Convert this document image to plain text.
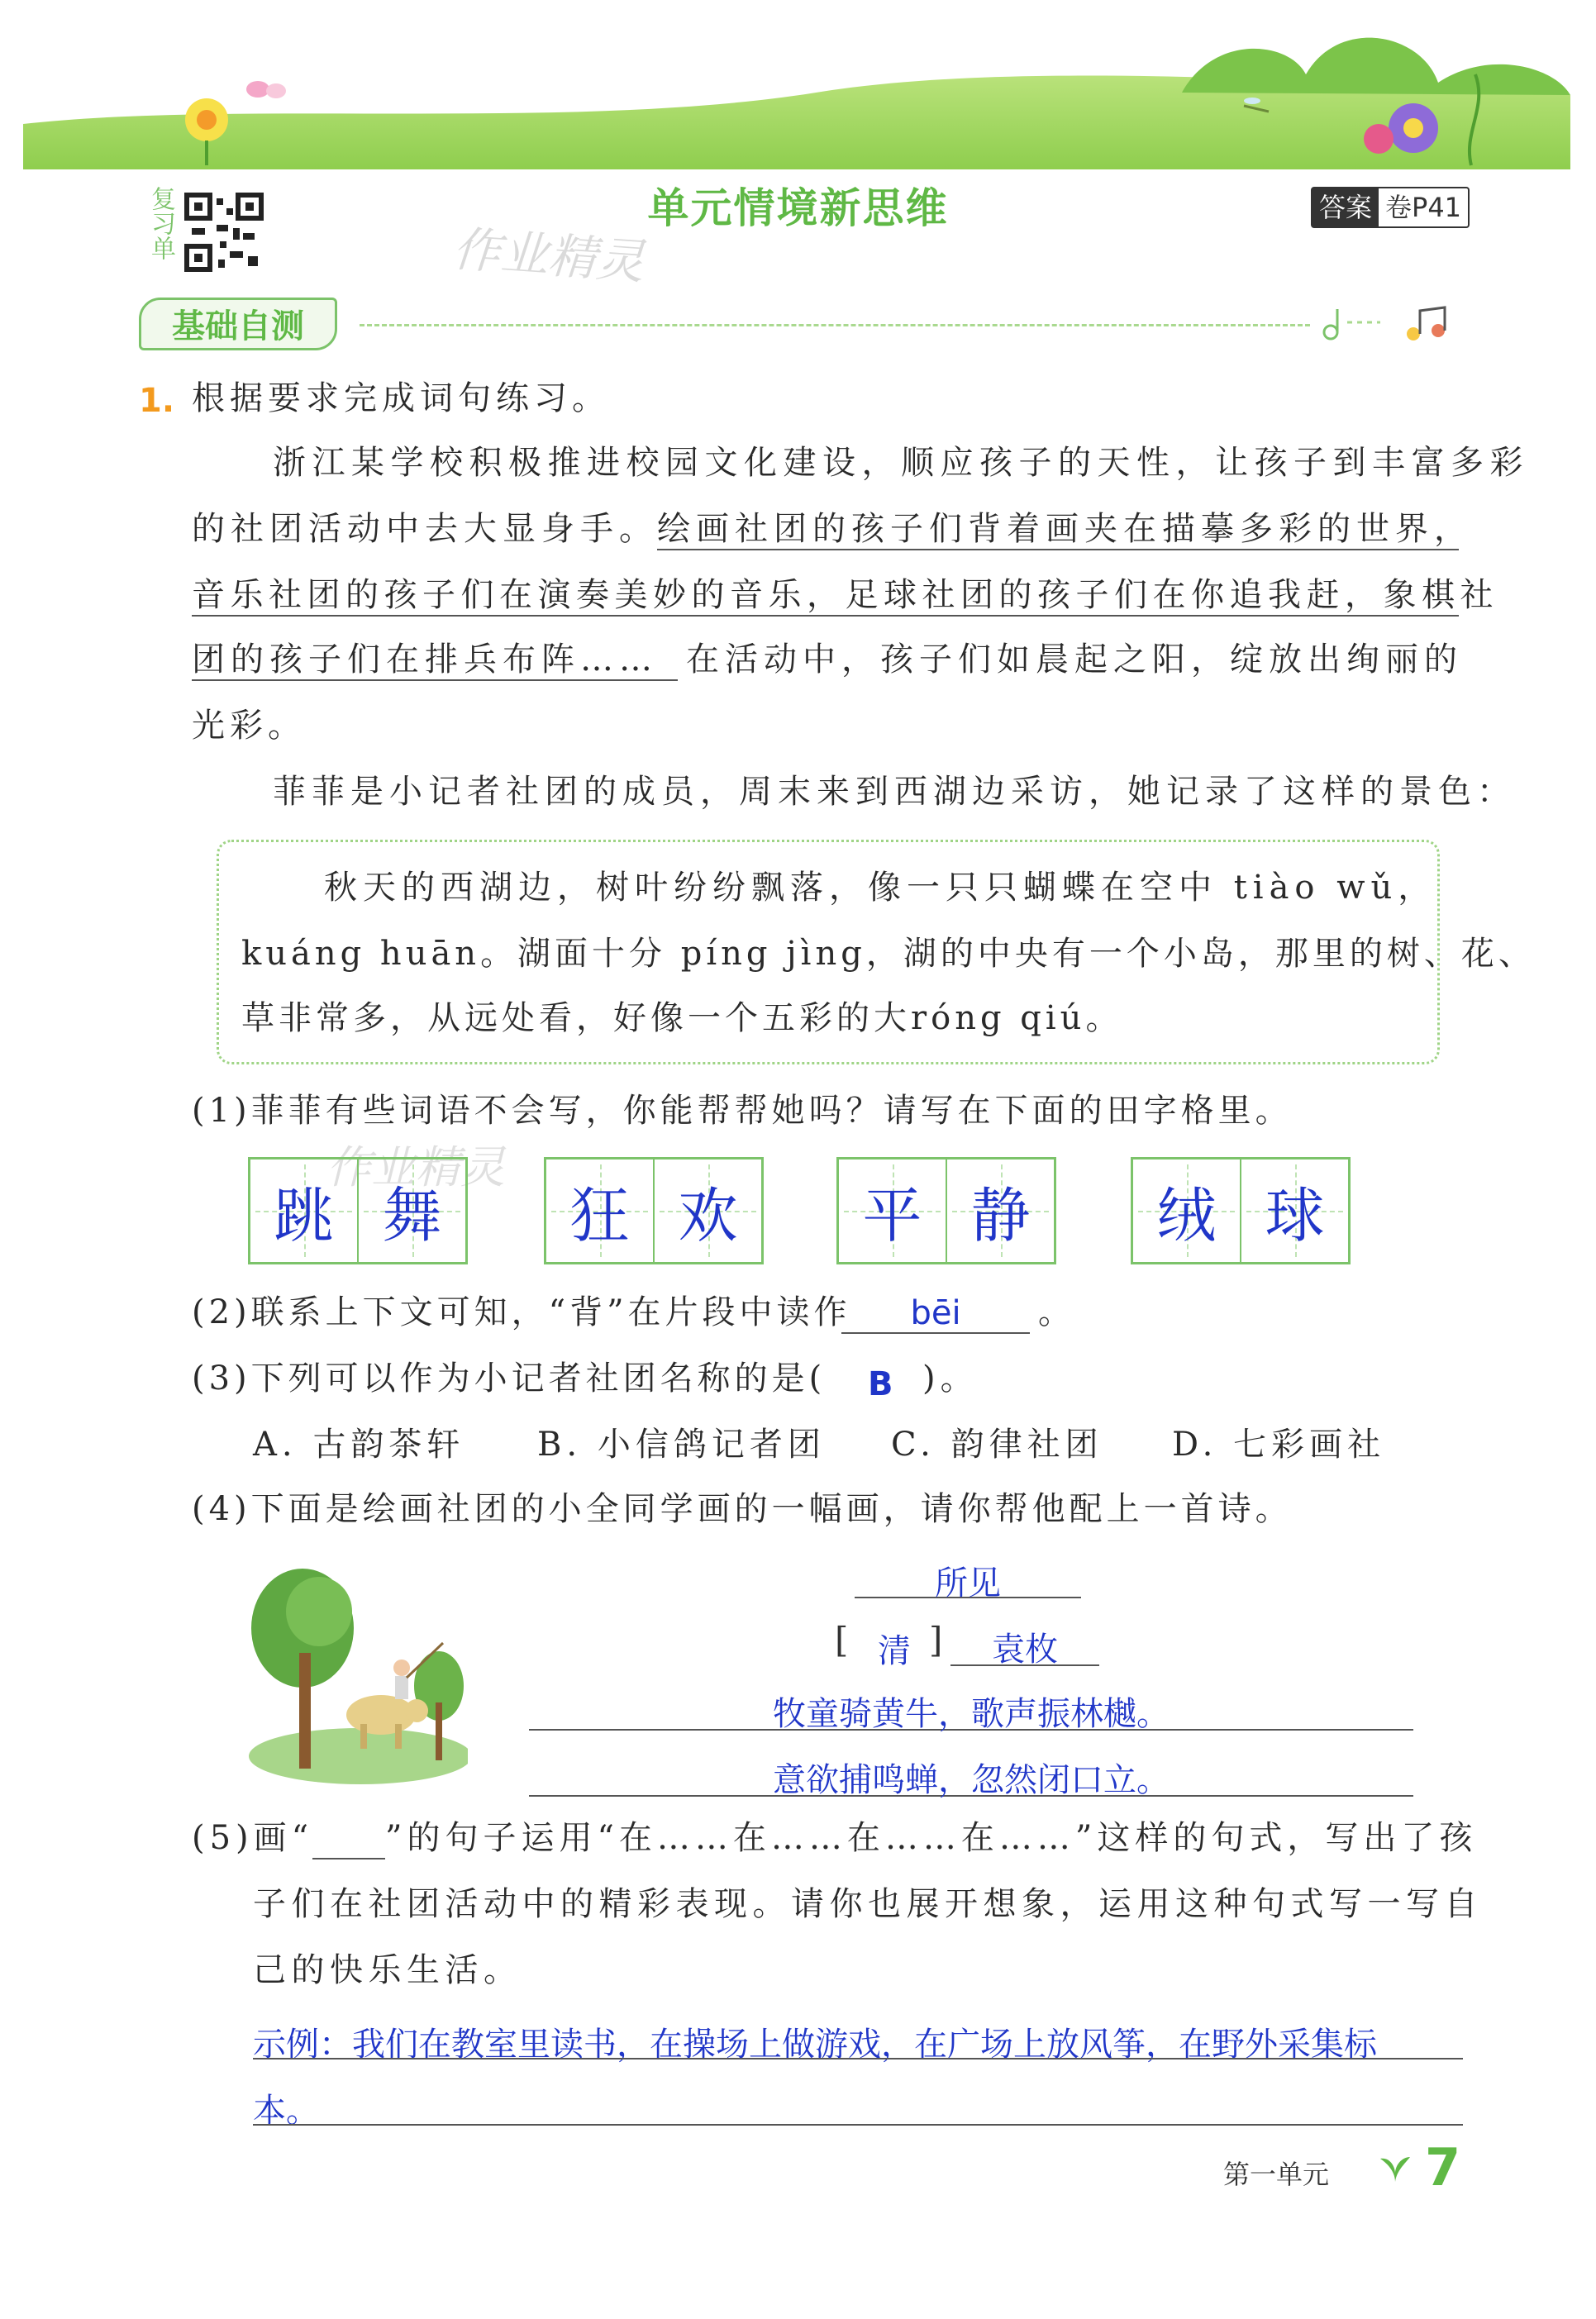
复习单	作业精灵
单元情境新思维	答案 卷P41
基础自测
1. 根据要求完成词句练习。
浙江某学校积极推进校园文化建设，顺应孩子的天性，让孩子到丰富多彩
的社团活动中去大显身手。 绘画社团的孩子们背着画夹在描摹多彩的世界，
音乐社团的孩子们在演奏美妙的音乐，足球社团的孩子们在你追我赶，象棋社
团的孩子们在排兵布阵…… 在活动中，孩子们如晨起之阳，绽放出绚丽的
光彩。
菲菲是小记者社团的成员，周末来到西湖边采访，她记录了这样的景色：
秋天的西湖边，树叶纷纷飘落，像一只只蝴蝶在空中 tiào wǔ，
kuáng huān。湖面十分 píng jìng，湖的中央有一个小岛，那里的树、花、
草非常多，从远处看，好像一个五彩的大róng qiú。
(1)菲菲有些词语不会写，你能帮帮她吗？请写在下面的田字格里。
作业精灵
跳 舞 狂 欢 平 静 绒 球
(2)联系上下文可知，“背”在片段中读作	bēi	。
(3)下列可以作为小记者社团名称的是( B )。
A. 古韵茶轩 B. 小信鸽记者团 C. 韵律社团 D. 七彩画社
(4)下面是绘画社团的小全同学画的一幅画，请你帮他配上一首诗。
所见
[ 清 ]	袁枚
牧童骑黄牛，歌声振林樾。
意欲捕鸣蝉，忽然闭口立。
(5)画“ ”的句子运用“在……在……在……在……”这样的句式，写出了孩
子们在社团活动中的精彩表现。请你也展开想象，运用这种句式写一写自
己的快乐生活。
示例：我们在教室里读书，在操场上做游戏，在广场上放风筝，在野外采集标
本。
第一单元 7
